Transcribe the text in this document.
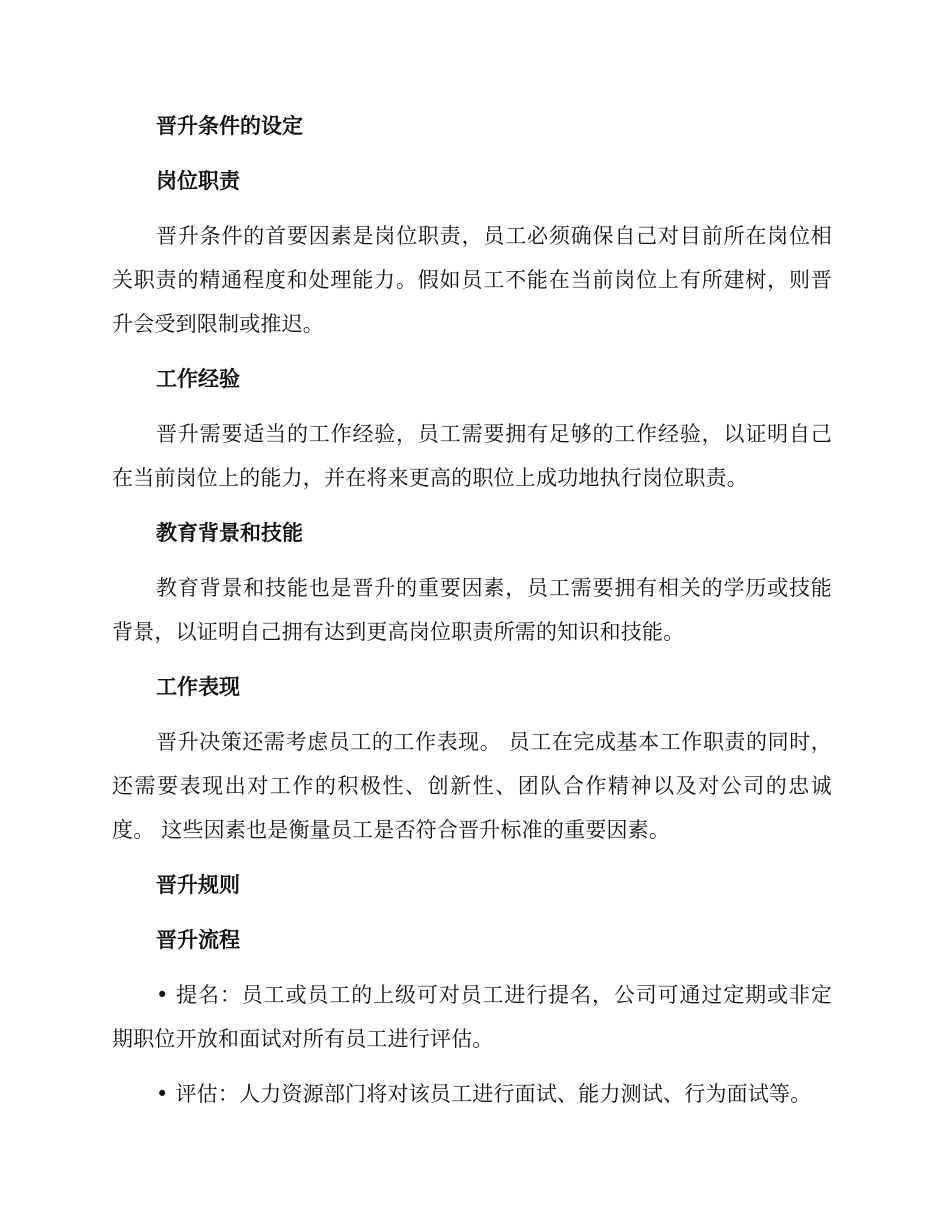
晋升条件的设定
岗位职责

晋升条件的首要因素是岗位职责，员工必须确保自己对目前所在岗位相关职责的精通程度和处理能力。假如员工不能在当前岗位上有所建树，则晋升会受到限制或推迟。

工作经验

晋升需要适当的工作经验，员工需要拥有足够的工作经验，以证明自己在当前岗位上的能力，并在将来更高的职位上成功地执行岗位职责。

教育背景和技能

教育背景和技能也是晋升的重要因素，员工需要拥有相关的学历或技能背景，以证明自己拥有达到更高岗位职责所需的知识和技能。

工作表现

晋升决策还需考虑员工的工作表现。 员工在完成基本工作职责的同时，还需要表现出对工作的积极性、创新性、团队合作精神以及对公司的忠诚度。 这些因素也是衡量员工是否符合晋升标准的重要因素。

晋升规则
晋升流程

• 提名：员工或员工的上级可对员工进行提名，公司可通过定期或非定期职位开放和面试对所有员工进行评估。

• 评估：人力资源部门将对该员工进行面试、能力测试、行为面试等。
